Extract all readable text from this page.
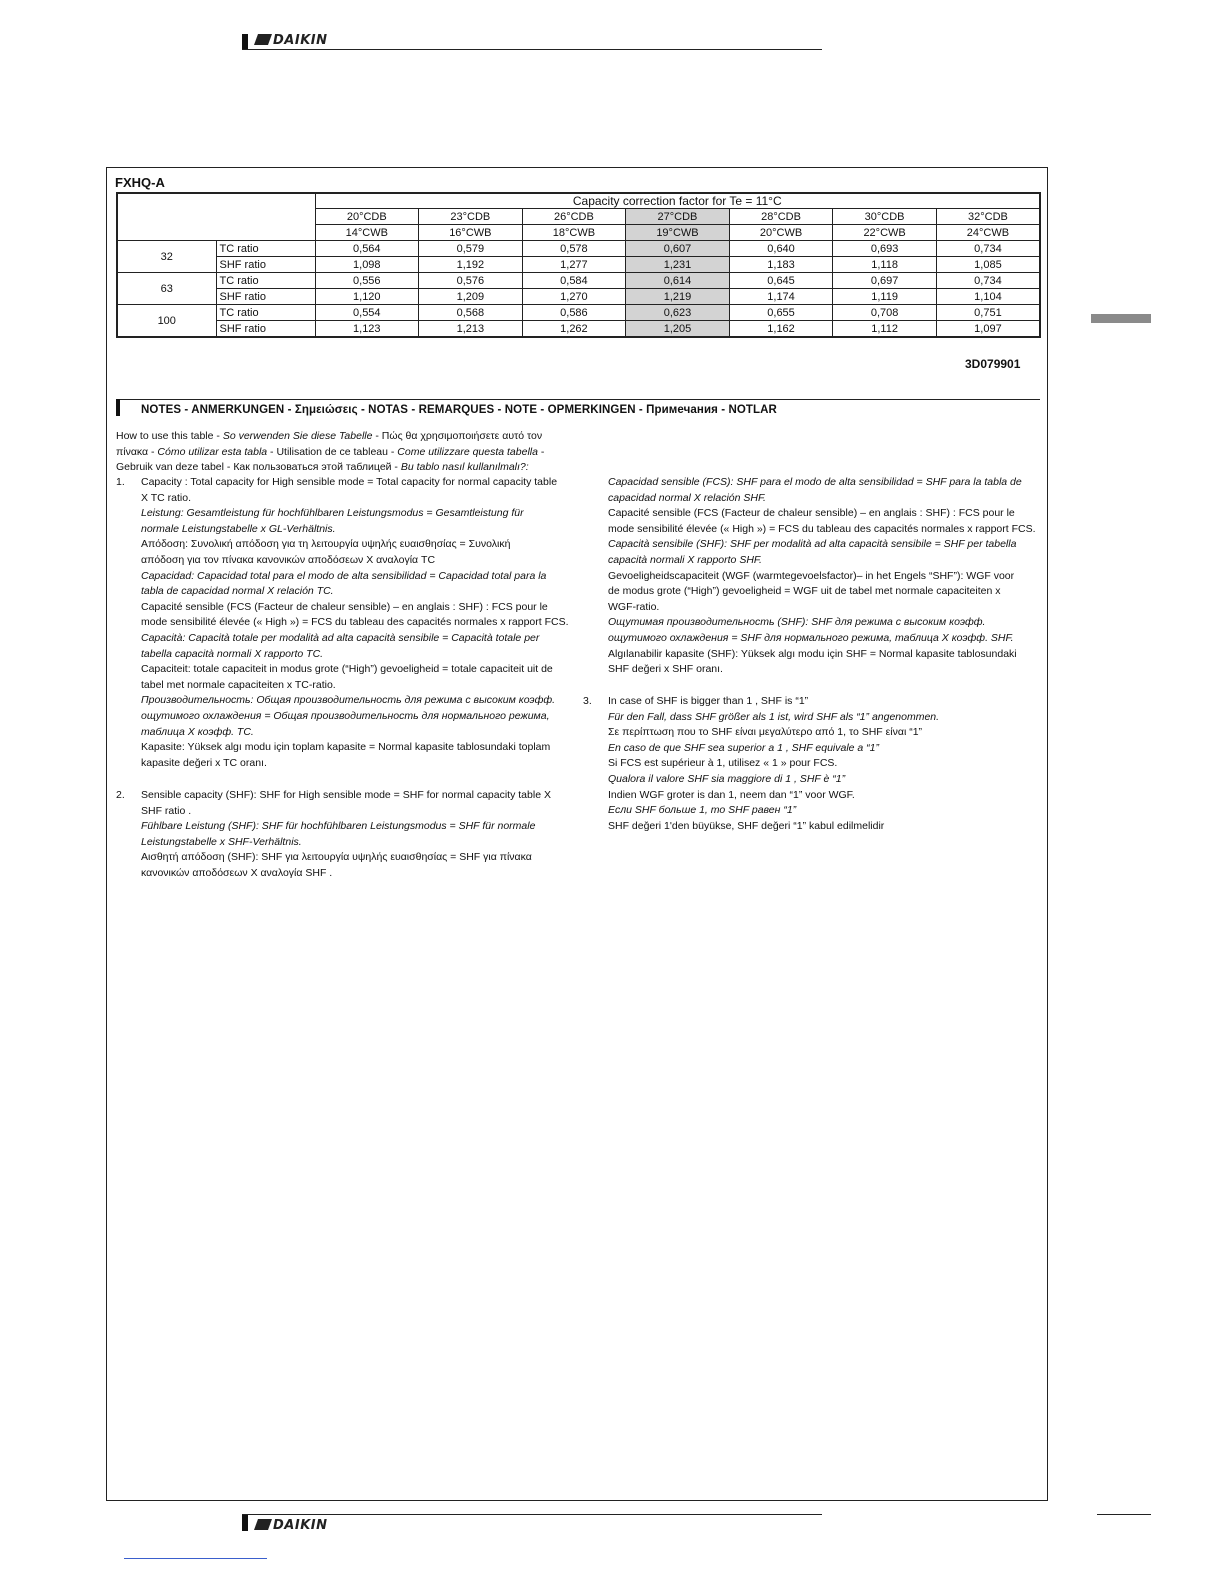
DAIKIN
FXHQ-A
		Capacity correction factor for Te = 11°C						
		20°CDB	23°CDB	26°CDB	27°CDB	28°CDB	30°CDB	32°CDB
		14°CWB	16°CWB	18°CWB	19°CWB	20°CWB	22°CWB	24°CWB
32	TC ratio	0,564	0,579	0,578	0,607	0,640	0,693	0,734
	SHF ratio	1,098	1,192	1,277	1,231	1,183	1,118	1,085
63	TC ratio	0,556	0,576	0,584	0,614	0,645	0,697	0,734
	SHF ratio	1,120	1,209	1,270	1,219	1,174	1,119	1,104
100	TC ratio	0,554	0,568	0,586	0,623	0,655	0,708	0,751
	SHF ratio	1,123	1,213	1,262	1,205	1,162	1,112	1,097
3D079901
NOTES - ANMERKUNGEN - Σημειώσεις - NOTAS - REMARQUES - NOTE - OPMERKINGEN - Примечания - NOTLAR
How to use this table - So verwenden Sie diese Tabelle - Πώς θα χρησιμοποιήσετε αυτό τον
πίνακα - Cómo utilizar esta tabla - Utilisation de ce tableau - Come utilizzare questa tabella -
Gebruik van deze tabel - Как пользоваться этой таблицей - Bu tablo nasıl kullanılmalı?:
1. Capacity : Total capacity for High sensible mode = Total capacity for normal capacity table
X TC ratio.
Leistung: Gesamtleistung für hochfühlbaren Leistungsmodus = Gesamtleistung für
normale Leistungstabelle x GL-Verhältnis.
Απόδοση: Συνολική απόδοση για τη λειτουργία υψηλής ευαισθησίας = Συνολική
απόδοση για τον πίνακα κανονικών αποδόσεων Χ αναλογία TC
Capacidad: Capacidad total para el modo de alta sensibilidad = Capacidad total para la
tabla de capacidad normal X relación TC.
Capacité sensible (FCS (Facteur de chaleur sensible) – en anglais : SHF) : FCS pour le
mode sensibilité élevée (« High ») = FCS du tableau des capacités normales x rapport FCS.
Capacità: Capacità totale per modalità ad alta capacità sensibile = Capacità totale per
tabella capacità normali X rapporto TC.
Capaciteit: totale capaciteit in modus grote (“High”) gevoeligheid = totale capaciteit uit de
tabel met normale capaciteiten x TC-ratio.
Производительность: Общая производительность для режима с высоким коэфф.
ощутимого охлаждения = Общая производительность для нормального режима,
таблица X коэфф. TC.
Kapasite: Yüksek algı modu için toplam kapasite = Normal kapasite tablosundaki toplam
kapasite değeri x TC oranı.
2. Sensible capacity (SHF): SHF for High sensible mode = SHF for normal capacity table X
SHF ratio .
Fühlbare Leistung (SHF): SHF für hochfühlbaren Leistungsmodus = SHF für normale
Leistungstabelle x SHF-Verhältnis.
Αισθητή απόδοση (SHF): SHF για λειτουργία υψηλής ευαισθησίας = SHF για πίνακα
κανονικών αποδόσεων Χ αναλογία SHF .
Capacidad sensible (FCS): SHF para el modo de alta sensibilidad = SHF para la tabla de
capacidad normal X relación SHF.
Capacité sensible (FCS (Facteur de chaleur sensible) – en anglais : SHF) : FCS pour le
mode sensibilité élevée (« High ») = FCS du tableau des capacités normales x rapport FCS.
Capacità sensibile (SHF): SHF per modalità ad alta capacità sensibile = SHF per tabella
capacità normali X rapporto SHF.
Gevoeligheidscapaciteit (WGF (warmtegevoelsfactor)– in het Engels “SHF”): WGF voor
de modus grote (“High”) gevoeligheid = WGF uit de tabel met normale capaciteiten x
WGF-ratio.
Ощутимая производительность (SHF): SHF для режима с высоким коэфф.
ощутимого охлаждения = SHF для нормального режима, таблица X коэфф. SHF.
Algılanabilir kapasite (SHF): Yüksek algı modu için SHF = Normal kapasite tablosundaki
SHF değeri x SHF oranı.
3. In case of SHF is bigger than 1 , SHF is “1”
Für den Fall, dass SHF größer als 1 ist, wird SHF als “1” angenommen.
Σε περίπτωση που το SHF είναι μεγαλύτερο από 1, το SHF είναι “1”
En caso de que SHF sea superior a 1 , SHF equivale a “1”
Si FCS est supérieur à 1, utilisez « 1 » pour FCS.
Qualora il valore SHF sia maggiore di 1 , SHF è “1”
Indien WGF groter is dan 1, neem dan “1” voor WGF.
Если SHF больше 1, то SHF равен “1”
SHF değeri 1'den büyükse, SHF değeri “1” kabul edilmelidir
DAIKIN
